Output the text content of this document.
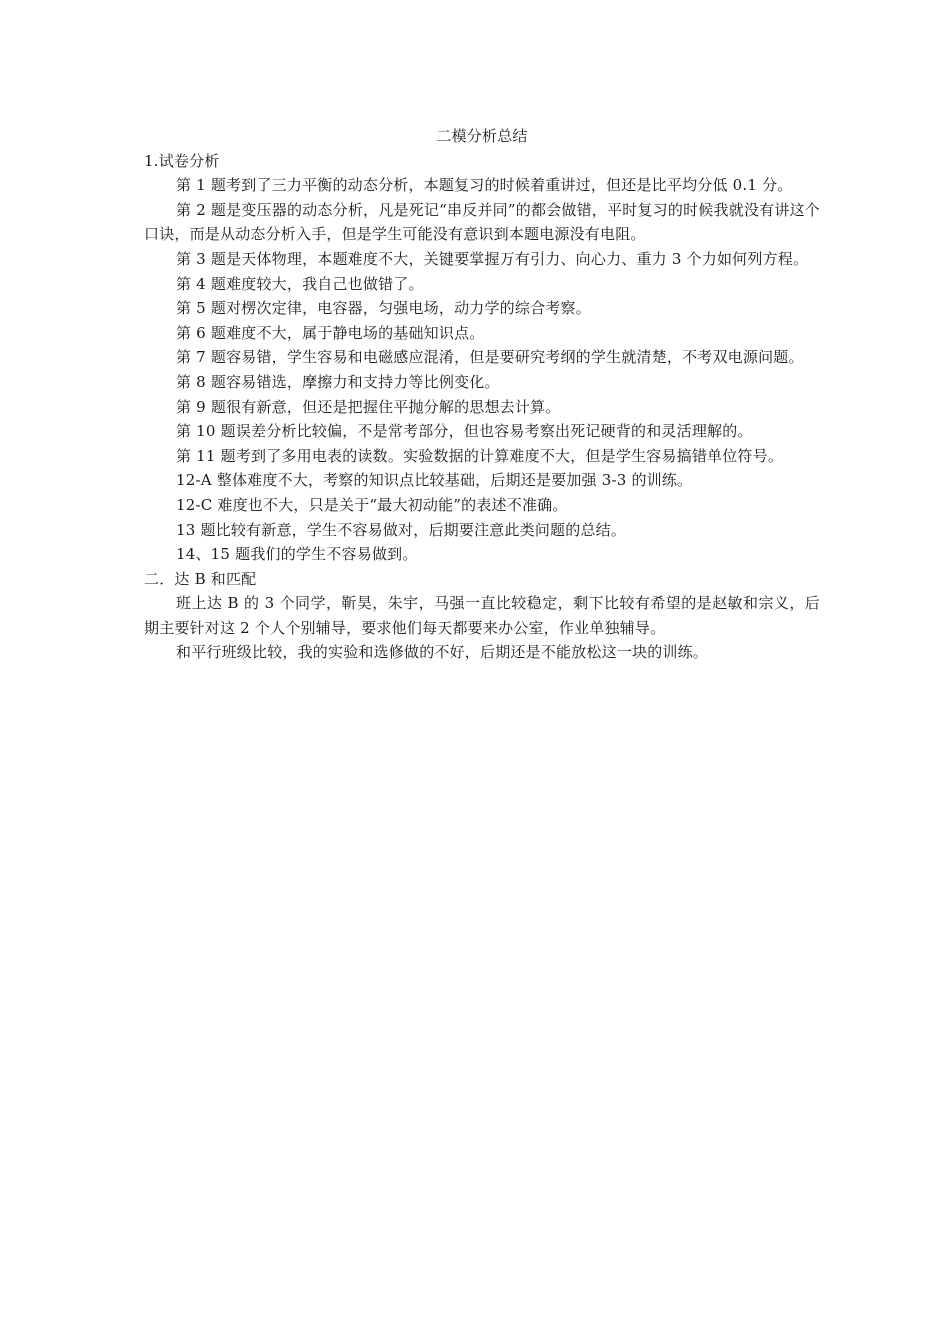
二模分析总结

1.试卷分析

第 1 题考到了三力平衡的动态分析，本题复习的时候着重讲过，但还是比平均分低 0.1 分。

第 2 题是变压器的动态分析，凡是死记“串反并同”的都会做错，平时复习的时候我就没有讲这个口诀，而是从动态分析入手，但是学生可能没有意识到本题电源没有电阻。

第 3 题是天体物理，本题难度不大，关键要掌握万有引力、向心力、重力 3 个力如何列方程。

第 4 题难度较大，我自己也做错了。

第 5 题对楞次定律，电容器，匀强电场，动力学的综合考察。

第 6 题难度不大，属于静电场的基础知识点。

第 7 题容易错，学生容易和电磁感应混淆，但是要研究考纲的学生就清楚，不考双电源问题。

第 8 题容易错选，摩擦力和支持力等比例变化。

第 9 题很有新意，但还是把握住平抛分解的思想去计算。

第 10 题误差分析比较偏，不是常考部分，但也容易考察出死记硬背的和灵活理解的。

第 11 题考到了多用电表的读数。实验数据的计算难度不大，但是学生容易搞错单位符号。

12-A 整体难度不大，考察的知识点比较基础，后期还是要加强 3-3 的训练。

12-C 难度也不大，只是关于“最大初动能”的表述不准确。

13 题比较有新意，学生不容易做对，后期要注意此类问题的总结。

14、15 题我们的学生不容易做到。

二．达 B 和匹配

班上达 B 的 3 个同学，靳昊，朱宇，马强一直比较稳定，剩下比较有希望的是赵敏和宗义，后期主要针对这 2 个人个别辅导，要求他们每天都要来办公室，作业单独辅导。

和平行班级比较，我的实验和选修做的不好，后期还是不能放松这一块的训练。
